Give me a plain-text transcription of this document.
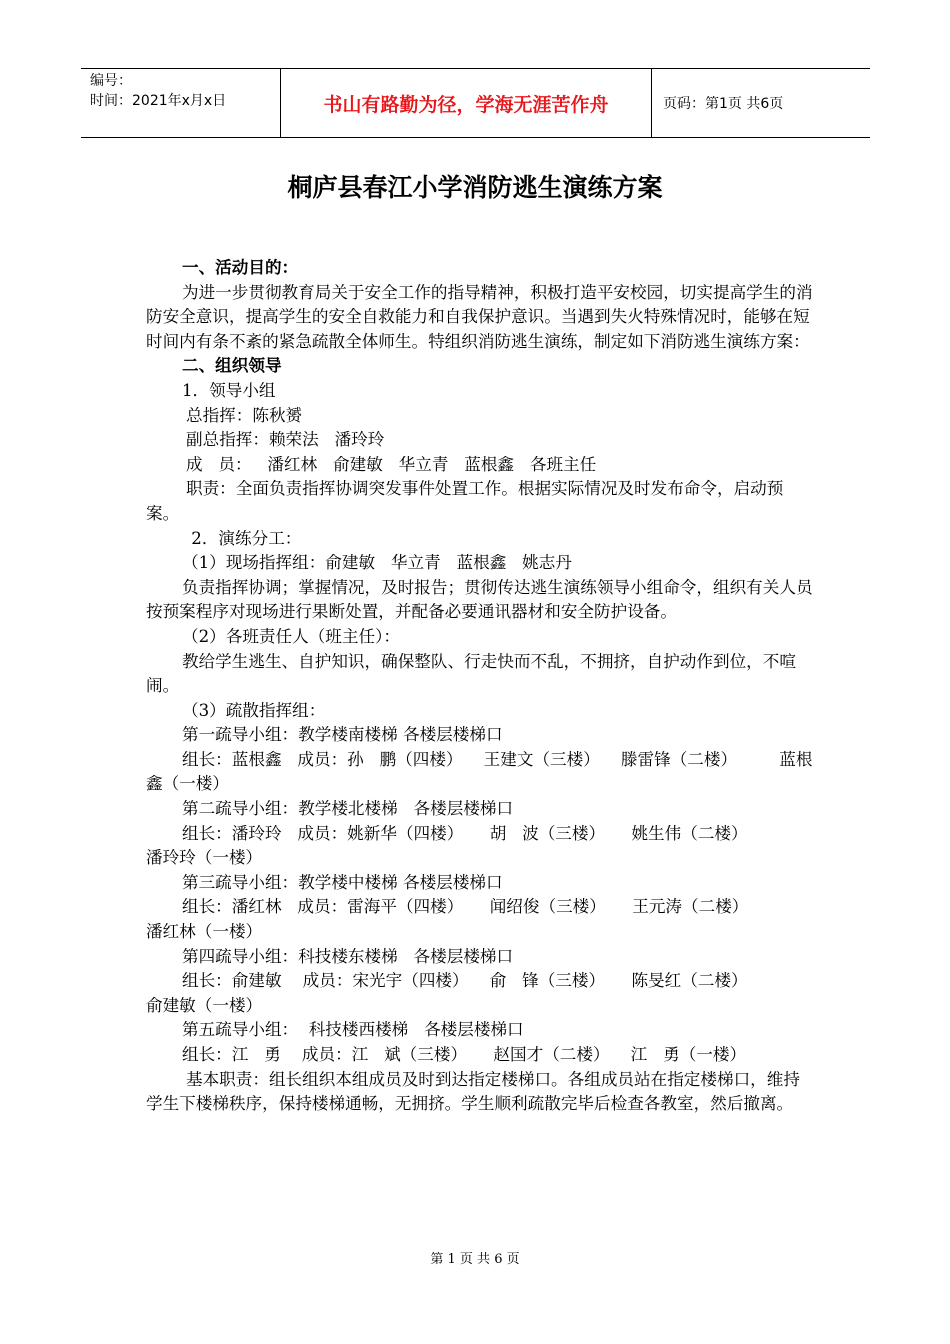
编号：
时间：2021年x月x日	书山有路勤为径，学海无涯苦作舟	页码：第1页 共6页
桐庐县春江小学消防逃生演练方案

一、活动目的：

为进一步贯彻教育局关于安全工作的指导精神，积极打造平安校园，切实提高学生的消防安全意识，提高学生的安全自救能力和自我保护意识。当遇到失火特殊情况时，能够在短时间内有条不紊的紧急疏散全体师生。特组织消防逃生演练，制定如下消防逃生演练方案：

二、组织领导

1．领导小组

总指挥：陈秋赟

副总指挥：赖荣法   潘玲玲

成   员：   潘红林   俞建敏   华立青   蓝根鑫   各班主任

职责：全面负责指挥协调突发事件处置工作。根据实际情况及时发布命令，启动预案。

2．演练分工：

（1）现场指挥组：俞建敏   华立青   蓝根鑫   姚志丹

负责指挥协调；掌握情况，及时报告；贯彻传达逃生演练领导小组命令，组织有关人员按预案程序对现场进行果断处置，并配备必要通讯器材和安全防护设备。

（2）各班责任人（班主任）：

教给学生逃生、自护知识，确保整队、行走快而不乱，不拥挤，自护动作到位，不喧闹。

（3）疏散指挥组：

第一疏导小组：教学楼南楼梯 各楼层楼梯口

组长：蓝根鑫   成员：孙   鹏（四楼）    王建文（三楼）    滕雷锋（二楼）        蓝根鑫（一楼）

第二疏导小组：教学楼北楼梯   各楼层楼梯口

组长：潘玲玲   成员：姚新华（四楼）     胡   波（三楼）     姚生伟（二楼）          潘玲玲（一楼）

第三疏导小组：教学楼中楼梯 各楼层楼梯口

组长：潘红林   成员：雷海平（四楼）     闻绍俊（三楼）     王元涛（二楼）          潘红林（一楼）

第四疏导小组：科技楼东楼梯   各楼层楼梯口

组长：俞建敏    成员：宋光宇（四楼）    俞   锋（三楼）     陈旻红（二楼）          俞建敏（一楼）

第五疏导小组：  科技楼西楼梯   各楼层楼梯口

组长：江   勇    成员：江   斌（三楼）     赵国才（二楼）    江   勇（一楼）

基本职责：组长组织本组成员及时到达指定楼梯口。各组成员站在指定楼梯口，维持学生下楼梯秩序，保持楼梯通畅，无拥挤。学生顺利疏散完毕后检查各教室，然后撤离。

第 1 页 共 6 页
